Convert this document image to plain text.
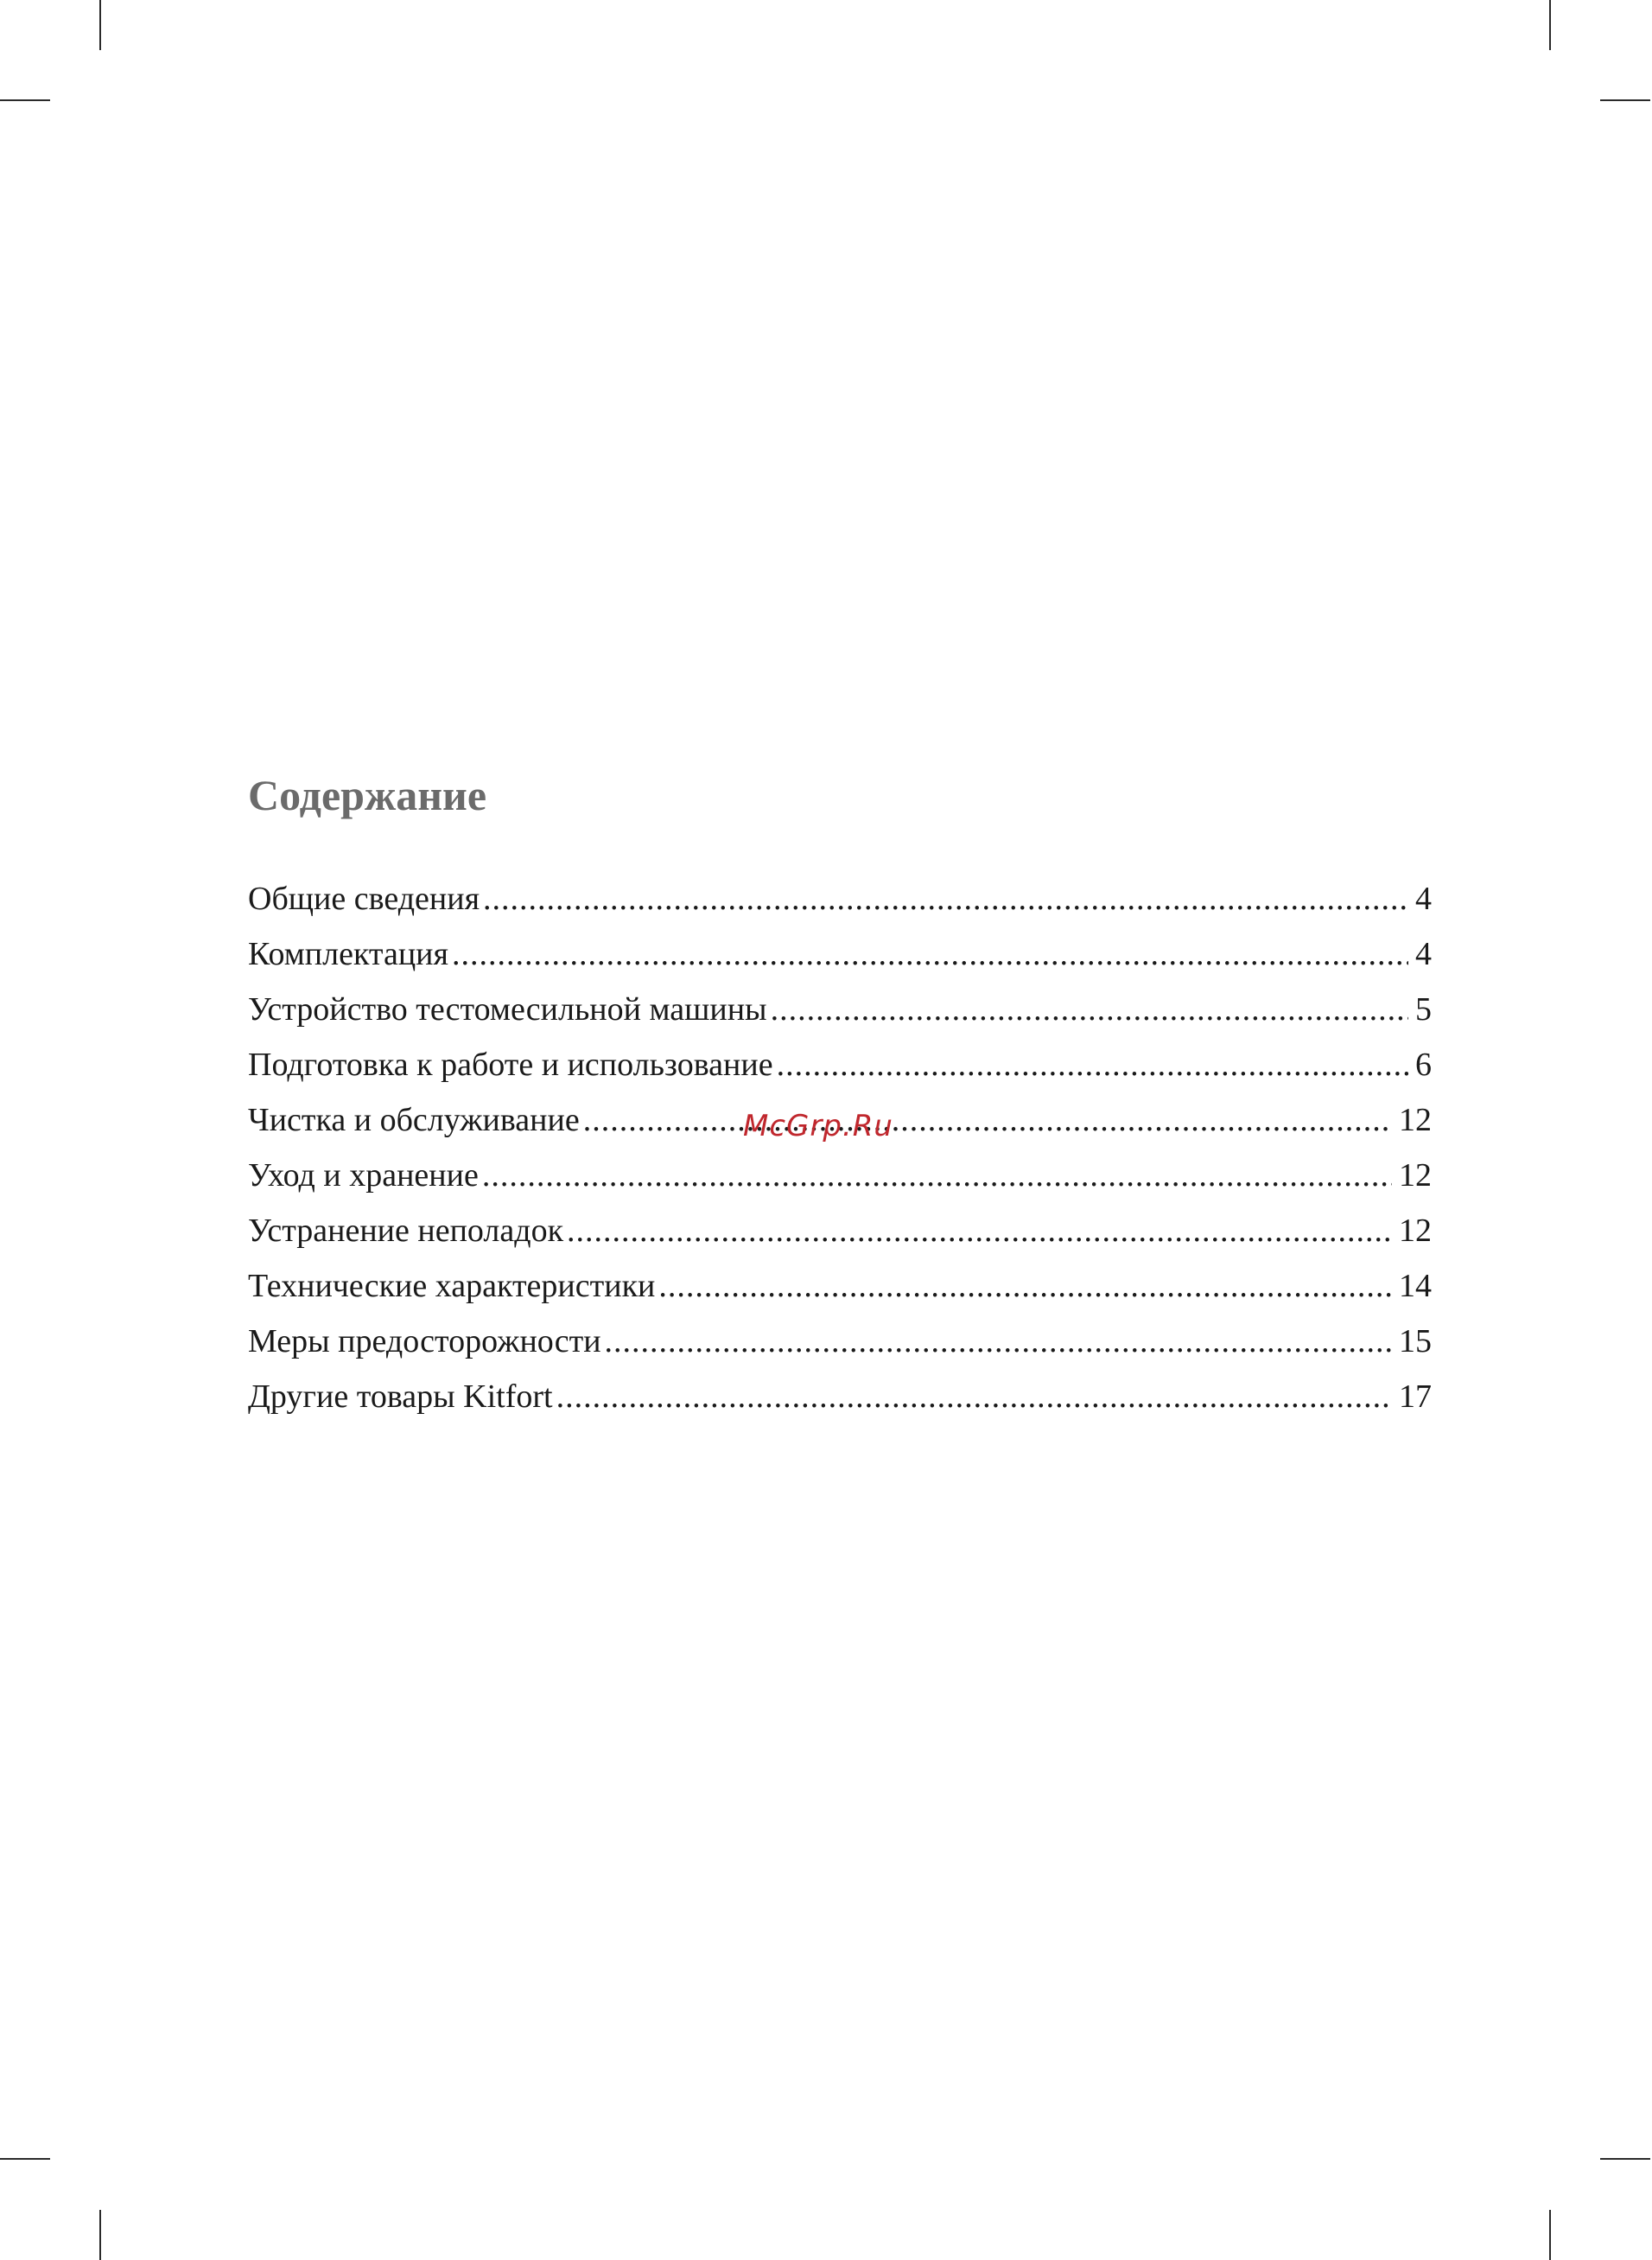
Содержание
Общие сведения .....	4
Комплектация .....	4
Устройство тестомесильной машины .....	5
Подготовка к работе и использование .....	6
Чистка и обслуживание .....	12
Уход и хранение .....	12
Устранение неполадок .....	12
Технические характеристики .....	14
Меры предосторожности .....	15
Другие товары Kitfort .....	17
McGrp.Ru
